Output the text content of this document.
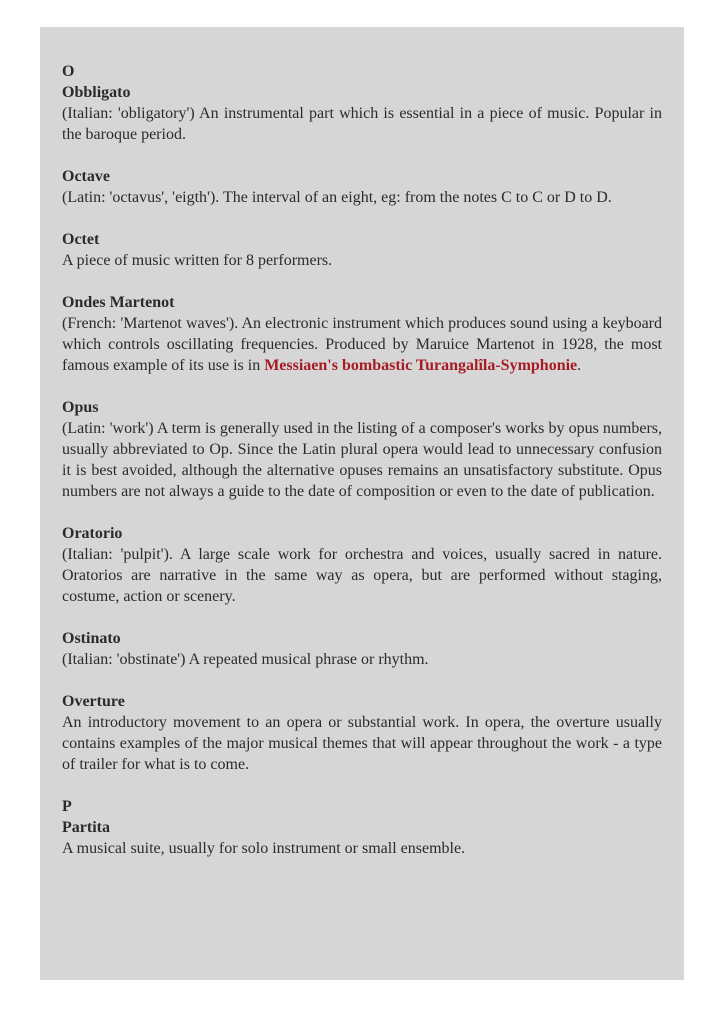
O
Obbligato
(Italian: 'obligatory') An instrumental part which is essential in a piece of music. Popular in the baroque period.
Octave
(Latin: 'octavus', 'eigth'). The interval of an eight, eg: from the notes C to C or D to D.
Octet
A piece of music written for 8 performers.
Ondes Martenot
(French: 'Martenot waves'). An electronic instrument which produces sound using a keyboard which controls oscillating frequencies. Produced by Maruice Martenot in 1928, the most famous example of its use is in Messiaen's bombastic Turangalîla-Symphonie.
Opus
(Latin: 'work') A term is generally used in the listing of a composer's works by opus numbers, usually abbreviated to Op. Since the Latin plural opera would lead to unnecessary confusion it is best avoided, although the alternative opuses remains an unsatisfactory substitute. Opus numbers are not always a guide to the date of composition or even to the date of publication.
Oratorio
(Italian: 'pulpit'). A large scale work for orchestra and voices, usually sacred in nature. Oratorios are narrative in the same way as opera, but are performed without staging, costume, action or scenery.
Ostinato
(Italian: 'obstinate') A repeated musical phrase or rhythm.
Overture
An introductory movement to an opera or substantial work. In opera, the overture usually contains examples of the major musical themes that will appear throughout the work - a type of trailer for what is to come.
P
Partita
A musical suite, usually for solo instrument or small ensemble.
